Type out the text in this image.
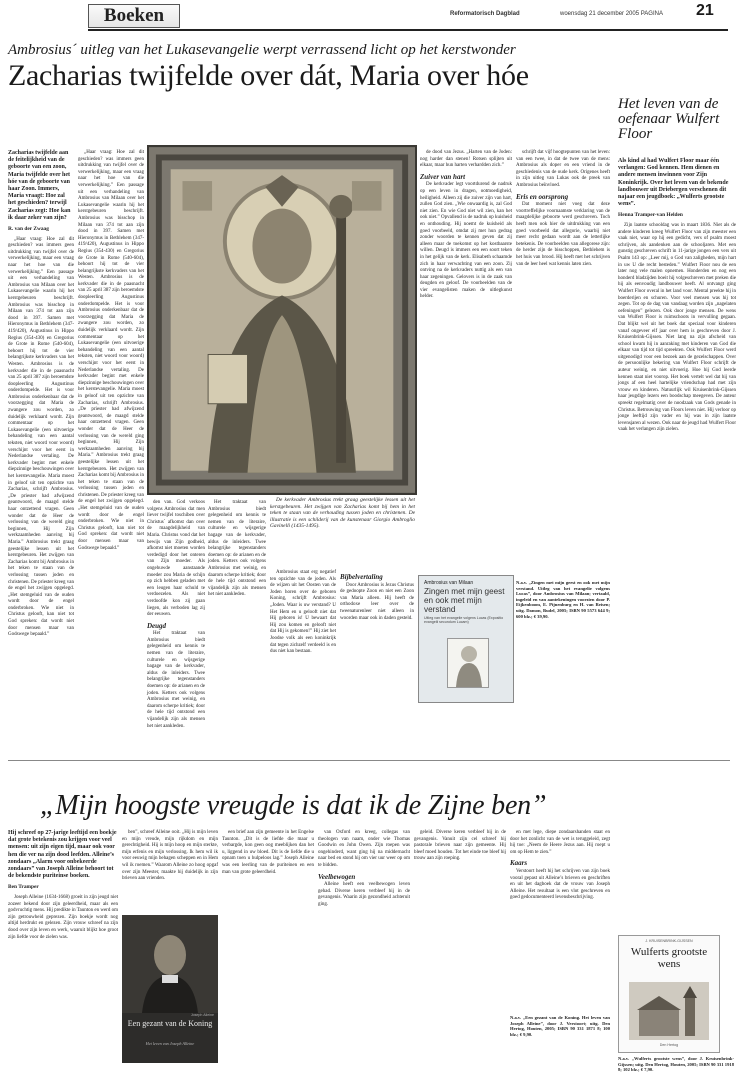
Boeken	Reformatorisch Dagblad	woensdag 21 december 2005 PAGINA 21
Ambrosius´ uitleg van het Lukasevangelie werpt verrassend licht op het kerstwonder
Zacharias twijfelde over dát, Maria over hóe

Zacharias twijfelde aan de feitelijkheid van de geboorte van een zoon, Maria twijfelde over het hóe van de geboorte van haar Zoon. Immers, Maria vraagt: Hoe zal het geschieden? terwijl Zacharias zegt: Hoe kan ik daar zeker van zijn?

R. van der Zwaag

„Haar vraag: Hoe zal dit geschieden? was immers geen uitdrukking van twijfel over de verwerkelijking, maar een vraag naar het hoe van die verwerkelijking.” Een passage uit een verhandeling van Ambrosius van Milaan over het Lukasevangelie waarin hij het kerstgebeuren beschrijft. Ambrosius was bisschop in Milaan van 374 tot aan zijn dood in 397. Samen met Hieronymus in Bethlehem (347-419/420), Augustinus in Hippo Regius (354-430) en Gregorius de Grote in Rome (540-604), behoort hij tot de vier belangrijkste kerkvaders van het Westen. Ambrosius is de kerkvader die in de paasnacht van 25 april 387 zijn beroemdste doopleerling Augustinus onderdompelde. Het is voor Ambrosius onderkenbaar dat de voorzegging dat Maria de zwangere zou worden, zo duidelijk verklaard wordt. Zijn commentaar op het Lukasevangelie (een uitvoerige behandeling van een aantal teksten, niet woord voor woord) verschijnt voor het eerst in Nederlandse vertaling. De kerkvader begint met enkele diepzinnige beschouwingen over het kerstevangelie. Maria moest in geloof uit ten opzichte van Zacharias, schrijft Ambrosius. „De priester had afwijzend geantwoord, de maagd stelde haar ontzettend vragen. Geen wonder dat de Heer de verlossing van de wereld ging beginnen, Hij Zijn werkzaamheden aanving bij Maria.” Ambrosius trekt graag geestelijke lessen uit het kerstgebeuren. Het zwijgen van Zacharias komt bij Ambrosius in het teken te staan van de verlossing tussen joden en christenen. De priester kreeg van de engel het zwijgen opgelegd. „Het stemgeluid van de ouden wordt door de engel onderbroken. Wie niet in Christus gelooft, kan niet tot God spreken: dat wordt niet door mensen maar van Godswege bepaald.”

„Haar vraag: Hoe zal dit geschieden? was immers geen uitdrukking van twijfel over de verwerkelijking, maar een vraag naar het hoe van die verwerkelijking.” Een passage uit een verhandeling van Ambrosius van Milaan over het Lukasevangelie waarin hij het kerstgebeuren beschrijft. Ambrosius was bisschop in Milaan van 374 tot aan zijn dood in 397. Samen met Hieronymus in Bethlehem (347-419/420), Augustinus in Hippo Regius (354-430) en Gregorius de Grote in Rome (540-604), behoort hij tot de vier belangrijkste kerkvaders van het Westen. Ambrosius is de kerkvader die in de paasnacht van 25 april 387 zijn beroemdste doopleerling Augustinus onderdompelde. Het is voor Ambrosius onderkenbaar dat de voorzegging dat Maria de zwangere zou worden, zo duidelijk verklaard wordt. Zijn commentaar op het Lukasevangelie (een uitvoerige behandeling van een aantal teksten, niet woord voor woord) verschijnt voor het eerst in Nederlandse vertaling. De kerkvader begint met enkele diepzinnige beschouwingen over het kerstevangelie. Maria moest in geloof uit ten opzichte van Zacharias, schrijft Ambrosius. „De priester had afwijzend geantwoord, de maagd stelde haar ontzettend vragen. Geen wonder dat de Heer de verlossing van de wereld ging beginnen, Hij Zijn werkzaamheden aanving bij Maria.” Ambrosius trekt graag geestelijke lessen uit het kerstgebeuren. Het zwijgen van Zacharias komt bij Ambrosius in het teken te staan van de verlossing tussen joden en christenen. De priester kreeg van de engel het zwijgen opgelegd. „Het stemgeluid van de ouden wordt door de engel onderbroken. Wie niet in Christus gelooft, kan niet tot God spreken: dat wordt niet door mensen maar van Godswege bepaald.”

De kerkvader Ambrosius trekt graag geestelijke lessen uit het kerstgebeuren. Het zwijgen van Zacharias komt bij hem in het teken te staan van de verhouding tussen joden en christenen. De illustratie is een schilderij van de kunstenaar Giorgio Ambroglio Gavinelli (1435-1495).

den van. God verkoos volgens Ambrosius dat men liever twijfel toschiben over Christus´ afkomst dan over de maagdelijkheid van Maria. Christus vond dat het bewijs van Zijn godheid, afkomst niet moeten worden verdedigd door het onteren van Zijn moeder. Als ongehuwde aanstaande moeder zou Maria de schijn op zich hebben geladen met een leugen haar schuld te verdoezelen. Als niet verdoofde kon zij gaan liegen, als verboden lag zij der eeuwen.

Deugd

Het traktaat van Ambrosius biedt gelegenheid om kennis te nemen van de literaire, culturele en wijsgerige bagage van de kerkvader, aldus de inleiders. Twee belangrijke tegenstanders doemen op: de arianen en de joden. Ketters ook volgens Ambrosius met weinig, en daarom scherpe kritiek; door de hele tijd ontstond een vijandelijk zijn als mensen het niet aankleden.

Het traktaat van Ambrosius biedt gelegenheid om kennis te nemen van de literaire, culturele en wijsgerige bagage van de kerkvader, aldus de inleiders. Twee belangrijke tegenstanders doemen op: de arianen en de joden. Ketters ook volgens Ambrosius met weinig, en daarom scherpe kritiek; door de hele tijd ontstond een vijandelijk zijn als mensen het niet aankleden.

Ambrosius staat erg negatief ten opzichte van de joden. Als de wijzen uit het Oosten van de Joden horen over de geboren Koning, schrijft Ambrosius: „Joden. Waar is uw verstand? U Het Hem en u gelooft niet dat Hij geboren is! U bewaart dat Hij zou komen en gelooft niet dat Hij is gekomen!” Hij ziet het Joodse volk als een koninkrijk dat tegen zichzelf verdeeld is en dus niet kan bestaan.

Bijbelvertaling

Door Ambrosius is Jezus Christus de gedoopte Zoon en niet een Zoon van Maria alleen. Hij heeft de orthodoxe leer over de tweenaturenleer niet alleen in woorden maar ook in daden gesteld.

de dood van Jezus. „Harten van de Joden: nog harder dan stenen! Rotsen splijten uit elkaar, maar hun harten verhardden zich.”

Zuiver van hart

De kerkvader legt voortdurend de nadruk op een leven in dragen, ootmoedigheid, heiligheid. Alleen zij die zuiver zijn van hart, zullen God zien. „Wie onwaardig is, zal God niet zien. En wie God niet wil zien, kan het ook niet.” Opvallend is de nadruk op kuisheid en onthouding. Hij noemt de kuisheid als goed voorbeeld, omdat zij met hun gedrag zonder woorden te kennen geven dat zij alleen maar de toekomst op het kostbaarste willen. Deugd is immers een een soort teken in het gelijk van de kerk. Elisabeth schaamde zich in haar verwachting van een zoon. Zij ontving na de kerkvaders nuttig als een van haar zegeningen. Gelovers is in de zaak van deugden en geloof. De voorbeelden van de vier evangelisten maken de uitlegkunst helder.

schrijft dat vijf hoogtepunten van het leven: van een twee, in dat de twee van de mens: Ambrosius als doper en een vriend in de geschiedenis van de oude kerk. Origenes heeft in zijn uitleg van Lukas ook de preek van Ambrosius beïnvloed.

Eris en oorsprong

Dat moment niet voeg dat deze voortreffelijke voornaamste verklaring van de maagdelijke geboorte werd geschreven. Toch heeft men ook hier de uitdrukking van een goed voorbeeld dat allegorie, waarbij niet meer recht gedaan wordt aan de letterlijke betekenis. De voorbeelden van allegorese zijn: de herder zijn de bisschoppen, Bethlehem is het huis van brood. Hij heeft met het schrijven van de leer heel wat kennis laten zien.

N.a.v. „Zingen met mijn geest en ook met mijn verstand. Uitleg van het evangelie volgens Lucas”, door Ambrosius van Milaan; vertaald, ingeleid en van aantekeningen voorzien door P. Eijkenboom, E. Pijnenburg en H. van Reisen; uitg. Damon, Budel, 2005; ISBN 90 5573 644 9; 600 blz.; € 39,90.

Ambrosius van Milaan
Zingen met mijn geest en ook met mijn verstand
Uitleg van het evangelie volgens Lucas (Expositio evangelii secundum Lucam)
Het leven van de oefenaar Wulfert Floor

Als kind al had Wulfert Floor maar één verlangen: God kennen. Hem dienen en andere mensen inwinnen voor Zijn Koninkrijk. Over het leven van de bekende landbouwer uit Driebergen verschenen dit najaar een jeugdboek: „Wulferts grootste wens”.

Henna Tramper-van Helden

Zijn laatste schooldag was in maart 1836. Niet als de andere kinderen kreeg Wulfert Floor van zijn meester een vaak niet, waar op hij een gedicht, vers of psalm moest schrijven, als aandenken aan de schooljaren. Met een gunstig geschreven schrift in 11-jarige jongen een vers uit Psalm 143 op: „Leer mij, o God van zaligheden, mijn hart in uw U die recht besteden.” Wulfert Floor nou de een later nog vele malen opnemen. Honderden en nog een honderd bladzijden boeit hij volgeschreven met preken die hij als eenvoudig landbouwer heeft. Al ontvangt ging Wulfert Floor overal in het land voor. Mental preekte hij in boerderijen en schuren. Voor veel mensen was hij tot zegen. Tot op de dag van vandaag worden zijn „nagelaten oefeningen” gelezen. Ook door jonge mensen. De wens van Wulfert Floor is ruimschoots in vervulling gegaan. Dat blijkt wel uit het boek dat speciaal voor kinderen vanaf ongeveer elf jaar over hem is geschreven door J. Kruisenbrink-Gijssen. Niet lang na zijn afscheid van school kwam hij in aanraking met kinderen van God die elkaar van tijd tot tijd spreekten. Ook Wulfert Floor werd uitgenodigd voor een bezoek aan de gezelschappen. Over de persoonlijke bekering van Wulfert Floor schrijft de auteur weinig, en niet uitvoerig. Hoe hij God leerde kennen staat niet voorop. Het boek vertelt wel dat hij van jongs af een heel hartelijke vriendschap had met zijn vrouw en kinderen. Natuurlijk wil Kruisenbrink-Gijssen haar jeugdige lezers een boodschap meegeven. De auteur spreekt regelmatig over de noodzaak van Gods genade in Christus. Betrouwing van Floors leven niet. Hij verloor op jonge leeftijd zijn vader en hij was in zijn laatste levensjaren al wezen. Ook naar de jeugd had Wulfert Floor vaak het verlangen zijn zielen.

N.a.v. „Wulferts grootste wens”, door J. Kruisenbrink-Gijssen; uitg. Den Hertog, Houten, 2005; ISBN 90 331 1918 8; 102 blz.; € 7,90.

J. KRUISENBRINK-GIJSSEN
Wulferts grootste wens
Den Hertog
„Mijn hoogste vreugde is dat ik de Zijne ben”

Hij schreef op 27-jarige leeftijd een boekje dat grote betekenis zou krijgen voor veel mensen: uit zijn eigen tijd, maar ook voor hen die ver na zijn dood leefden. Alleine’s zondaars „Alarm voor onbekeerde zondaars” van Joseph Alleine behoort tot de bekendste puriteinse boeken.

Ben Tramper

Joseph Alleine (1634-1668) groeit in zijn jeugd niet zozeer bekend door zijn geleerdheid, maar als een godvruchtig mens. Hij predikte in Taunton en werd om zijn getrouwheid geprezen. Zijn boekje wordt nog altijd herdrukt en gelezen. Zijn vrouw schreef na zijn dood over zijn leven en werk, waaruit blijkt hoe groot zijn liefde voor de zielen was.

ben”, schreef Alleine ooit. „Hij is mijn leven en mijn vreude, mijn rijkdom en mijn gerechtigheid. Hij is mijn hoop en mijn sterkte, mijn erfenis en mijn verlossing. Ik hem wil ik voor eeuwig mijn behagen scheppen en in Hem wil ik roemen.” Waarom Alleine zo hoog opgaf over zijn Meester, maakte hij duidelijk in zijn brieven aan vrienden.

Joseph Alleine
Een gezant van de Koning
Het leven van Joseph Alleine

een brief aan zijn gemeente in het Engelse Taunton. „Dit is de liefde die maar u verbargde, kon geen oog meeblijken dan het u, liggend in uw bloed. Dit is de liefde die u opnam toen u hulpeloos lag.” Joseph Alleine was een leerling van de puriteinen en een man van grote geleerdheid.

van Oxford en kreeg, collegas van theologen van naam, onder wie Thomas Goodwin en John Owen. Zijn roepen was ongehinderd, want ging hij na middernacht naar bed en stond hij om vier uur weer op om te bidden.

Veelbewogen

Alleine heeft een veelbewogen leven gehad. Diverse keren verbleef hij in de gevangenis. Waarin zijn gezondheid achteruit ging.

geleid. Diverse keren verbleef hij in de gevangenis. Vanuit zijn cel schreef hij pastorale brieven naar zijn gemeente. Hij bleef moed houden. Tot het einde toe bleef hij trouw aan zijn roeping.

en met lege, diepe zondaarshanden staat en door het zonlicht van de wet is teruggeleid, zegt hij toe: „Neem de Heere Jezus aan. Hij roept u om op Hem te zien.”

Kaars

Verstoort heeft hij het schrijven van zijn boek vooral gepast uit Alleine’s brieven en geschriften en uit het dagboek dat de vrouw van Joseph Alleine. Het resultaat is een vlot geschreven en goed gedocumenteerd levensbeschrijving.

N.a.v. „Een gezant van de Koning. Het leven van Joseph Alleine”, door J. Verstoort; uitg. Den Hertog, Houten, 2005; ISBN 90 331 1871 8; 100 blz.; € 9,90.
